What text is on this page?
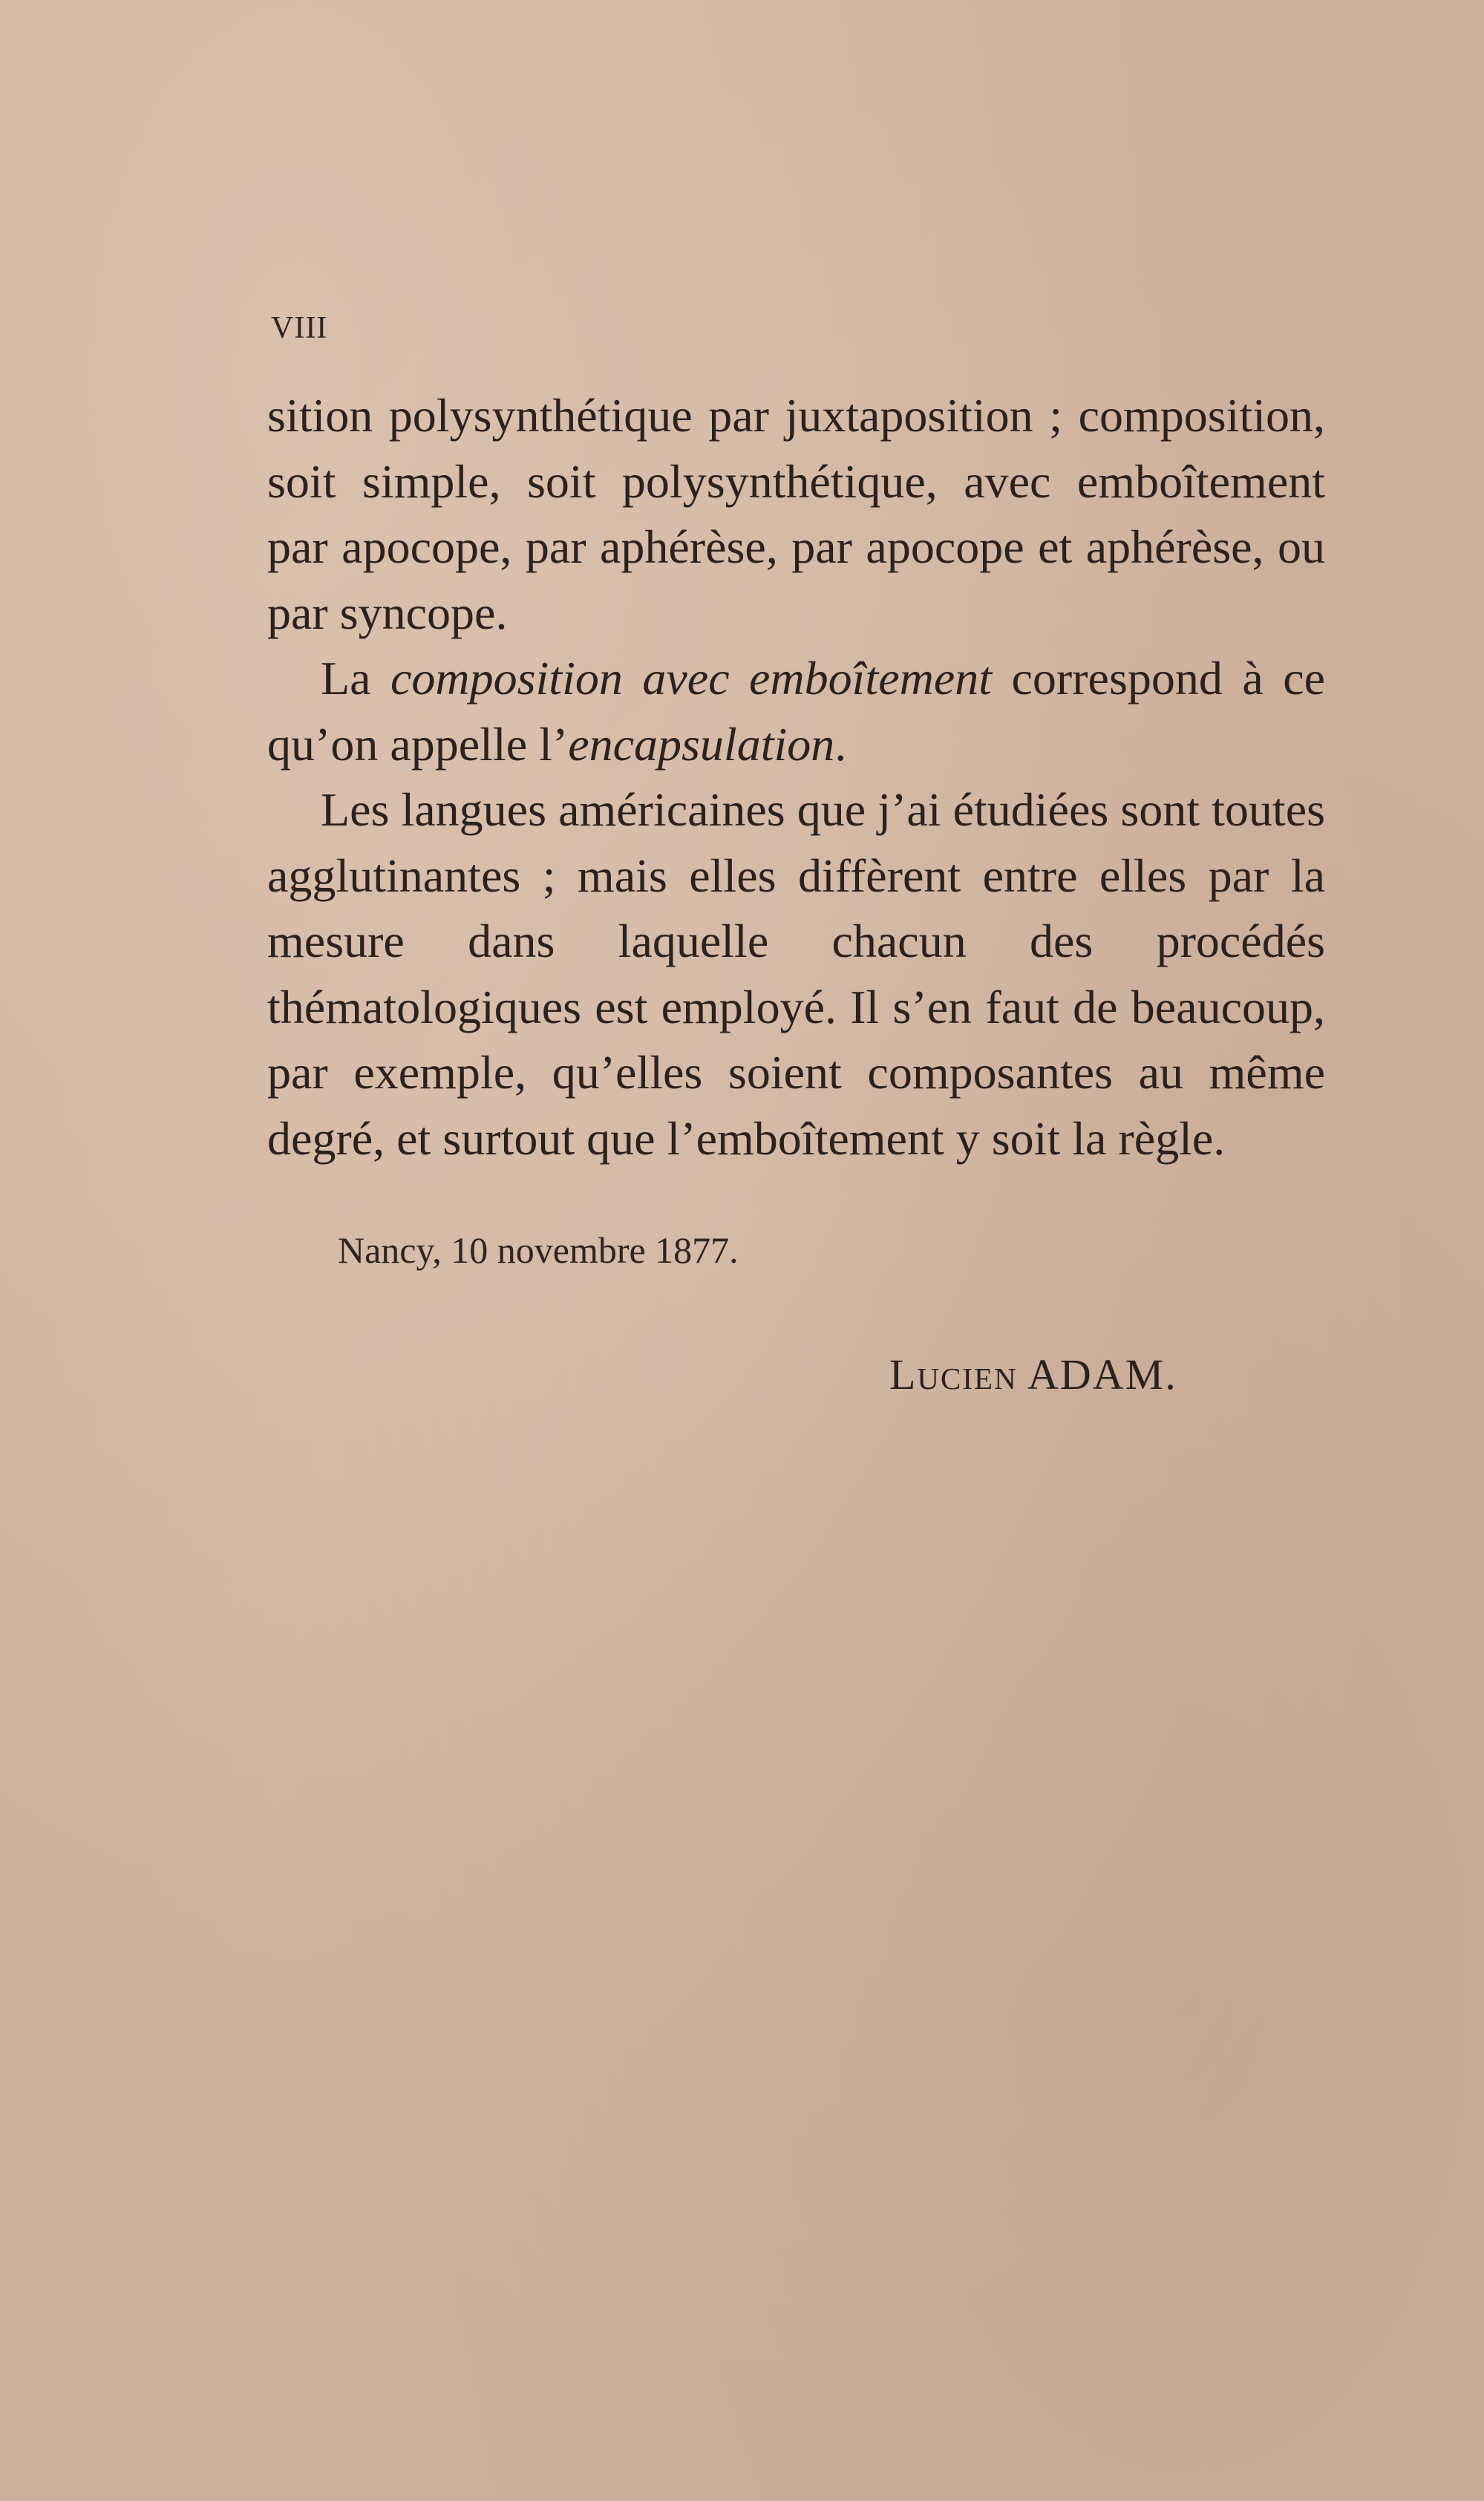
VIII

sition polysynthétique par juxtaposition ; composition, soit simple, soit polysynthétique, avec emboîtement par apocope, par aphérèse, par apocope et aphérèse, ou par syncope.

La composition avec emboîtement correspond à ce qu’on appelle l’encapsulation.

Les langues américaines que j’ai étudiées sont toutes agglutinantes ; mais elles diffèrent entre elles par la mesure dans laquelle chacun des procédés thématologiques est employé. Il s’en faut de beaucoup, par exemple, qu’elles soient composantes au même degré, et surtout que l’emboîtement y soit la règle.

Nancy, 10 novembre 1877.
Lucien ADAM.
